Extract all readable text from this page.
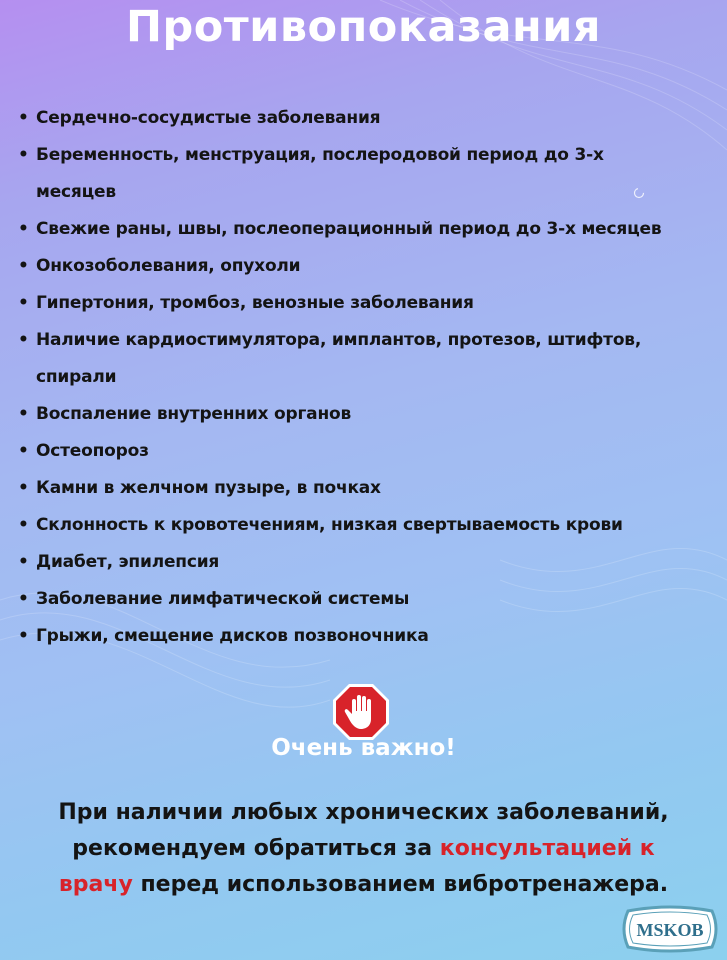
Противопоказания
• Сердечно-сосудистые заболевания
• Беременность, менструация, послеродовой период до 3-х месяцев
• Свежие раны, швы, послеоперационный период до 3-х месяцев
• Онкозоболевания, опухоли
• Гипертония, тромбоз, венозные заболевания
• Наличие кардиостимулятора, имплантов, протезов, штифтов, спирали
• Воспаление внутренних органов
• Остеопороз
• Камни в желчном пузыре, в почках
• Склонность к кровотечениям, низкая свертываемость крови
• Диабет, эпилепсия
• Заболевание лимфатической системы
• Грыжи, смещение дисков позвоночника
Очень важно!
При наличии любых хронических заболеваний, рекомендуем обратиться за консультацией к врачу перед использованием вибротренажера.
MSKOB
